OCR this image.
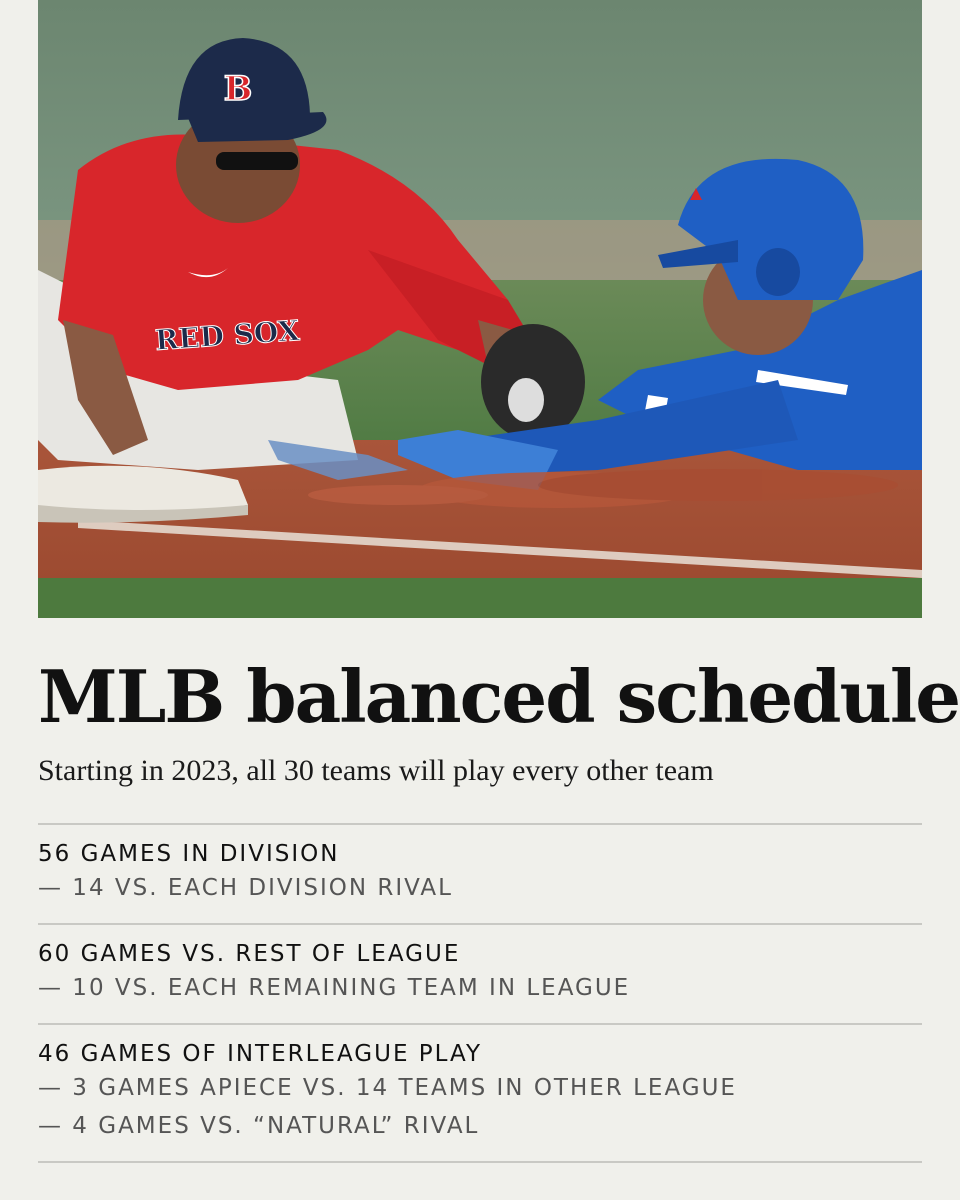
B
RED SOX
MLB balanced schedule
Starting in 2023, all 30 teams will play every other team
56 GAMES IN DIVISION
— 14 VS. EACH DIVISION RIVAL
60 GAMES VS. REST OF LEAGUE
— 10 VS. EACH REMAINING TEAM IN LEAGUE
46 GAMES OF INTERLEAGUE PLAY
— 3 GAMES APIECE VS. 14 TEAMS IN OTHER LEAGUE
— 4 GAMES VS. “NATURAL” RIVAL
